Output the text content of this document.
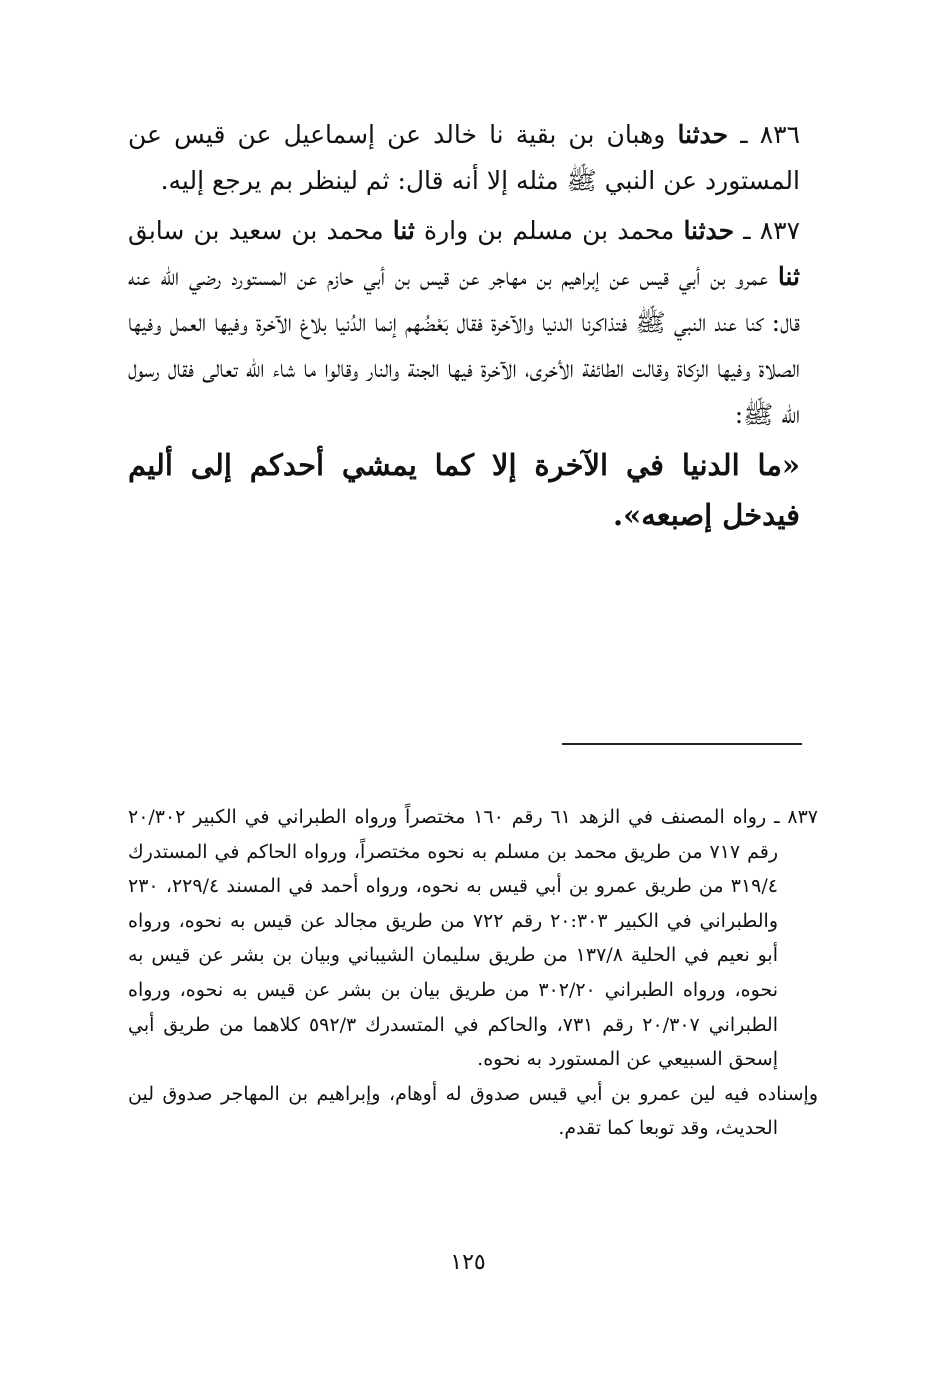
٨٣٦ ـ حدثنا وهبان بن بقية نا خالد عن إسماعيل عن قيس عن المستورد عن النبي ﷺ مثله إلا أنه قال: ثم لينظر بم يرجع إليه.

٨٣٧ ـ حدثنا محمد بن مسلم بن وارة ثنا محمد بن سعيد بن سابق ثنا عمرو بن أبي قيس عن إبراهيم بن مهاجر عن قيس بن أبي حازم عن المستورد رضي الله عنه قال: كنا عند النبي ﷺ فتذاكرنا الدنيا والآخرة فقال بَعْضُهم إنما الدُنيا بلاغ الآخرة وفيها العمل وفيها الصلاة وفيها الزكاة وقالت الطائفة الأخرى، الآخرة فيها الجنة والنار وقالوا ما شاء الله تعالى فقال رسول الله ﷺ:

«ما الدنيا في الآخرة إلا كما يمشي أحدكم إلى أليم فيدخل إصبعه».

٨٣٧ ـ رواه المصنف في الزهد ٦١ رقم ١٦٠ مختصراً ورواه الطبراني في الكبير ٢٠/٣٠٢ رقم ٧١٧ من طريق محمد بن مسلم به نحوه مختصراً، ورواه الحاكم في المستدرك ٣١٩/٤ من طريق عمرو بن أبي قيس به نحوه، ورواه أحمد في المسند ٢٢٩/٤، ٢٣٠ والطبراني في الكبير ٢٠:٣٠٣ رقم ٧٢٢ من طريق مجالد عن قيس به نحوه، ورواه أبو نعيم في الحلية ١٣٧/٨ من طريق سليمان الشيباني وبيان بن بشر عن قيس به نحوه، ورواه الطبراني ٣٠٢/٢٠ من طريق بيان بن بشر عن قيس به نحوه، ورواه الطبراني ٢٠/٣٠٧ رقم ٧٣١، والحاكم في المتسدرك ٥٩٢/٣ كلاهما من طريق أبي إسحق السبيعي عن المستورد به نحوه.

وإسناده فيه لين عمرو بن أبي قيس صدوق له أوهام، وإبراهيم بن المهاجر صدوق لين الحديث، وقد توبعا كما تقدم.

١٢٥
